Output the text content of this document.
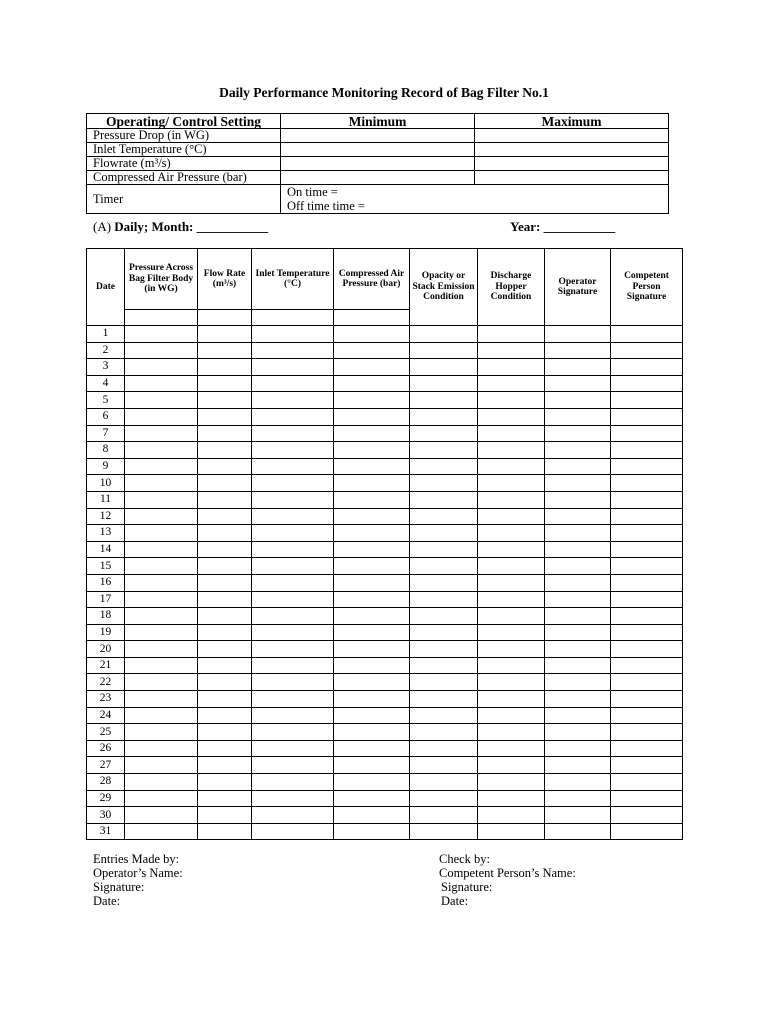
Daily Performance Monitoring Record of Bag Filter No.1
Operating/ Control Setting	Minimum	Maximum
Pressure Drop (in WG)		
Inlet Temperature (°C)		
Flowrate (m³/s)		
Compressed Air Pressure (bar)		
Timer	On time =
Off time time =	
(A) Daily; Month: ___________	Year: ___________
Date	Pressure Across Bag Filter Body (in WG)	Flow Rate (m³/s)	Inlet Temperature (°C)	Compressed Air Pressure (bar)	Opacity or Stack Emission Condition	Discharge Hopper Condition	Operator Signature	Competent Person Signature

1								
2								
3								
4								
5								
6								
7								
8								
9								
10								
11								
12								
13								
14								
15								
16								
17								
18								
19								
20								
21								
22								
23								
24								
25								
26								
27								
28								
29								
30								
31								
Entries Made by:
Operator’s Name:
Signature:
Date:
Check by:
Competent Person’s Name:
Signature:
Date:
